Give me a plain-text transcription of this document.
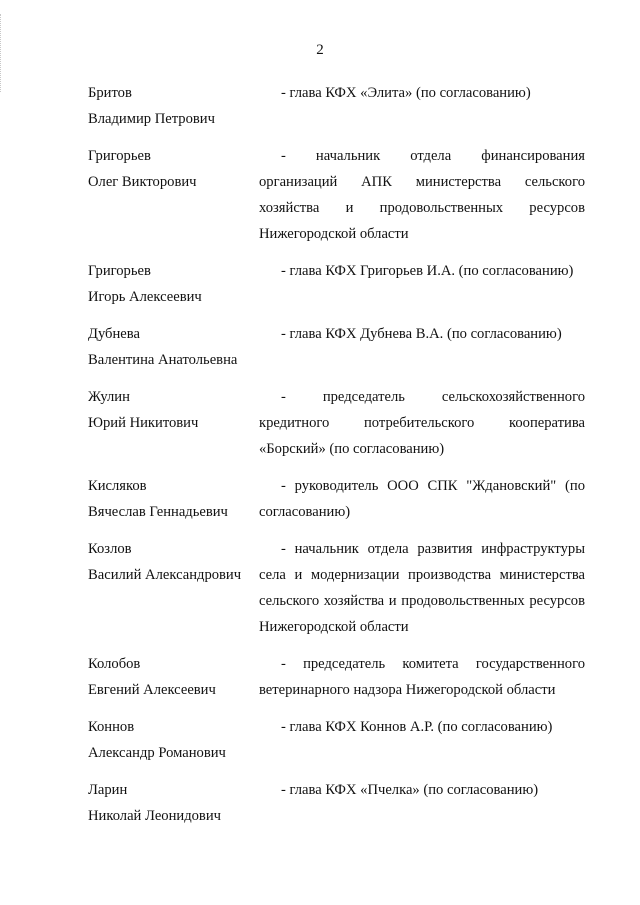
2
Бритов
Владимир Петрович
- глава КФХ «Элита» (по согласованию)
Григорьев
Олег Викторович
- начальник отдела финансирования организаций АПК министерства сельского хозяйства и продовольственных ресурсов Нижегородской области
Григорьев
Игорь Алексеевич
- глава КФХ Григорьев И.А. (по согласованию)
Дубнева
Валентина Анатольевна
- глава КФХ Дубнева В.А. (по согласованию)
Жулин
Юрий Никитович
- председатель сельскохозяйственного кредитного потребительского кооператива «Борский» (по согласованию)
Кисляков
Вячеслав Геннадьевич
- руководитель ООО СПК "Ждановский" (по согласованию)
Козлов
Василий Александрович
- начальник отдела развития инфраструктуры села и модернизации производства министерства сельского хозяйства и продовольственных ресурсов Нижегородской области
Колобов
Евгений Алексеевич
- председатель комитета государственного ветеринарного надзора Нижегородской области
Коннов
Александр Романович
- глава КФХ Коннов А.Р. (по согласованию)
Ларин
Николай Леонидович
- глава КФХ «Пчелка» (по согласованию)
